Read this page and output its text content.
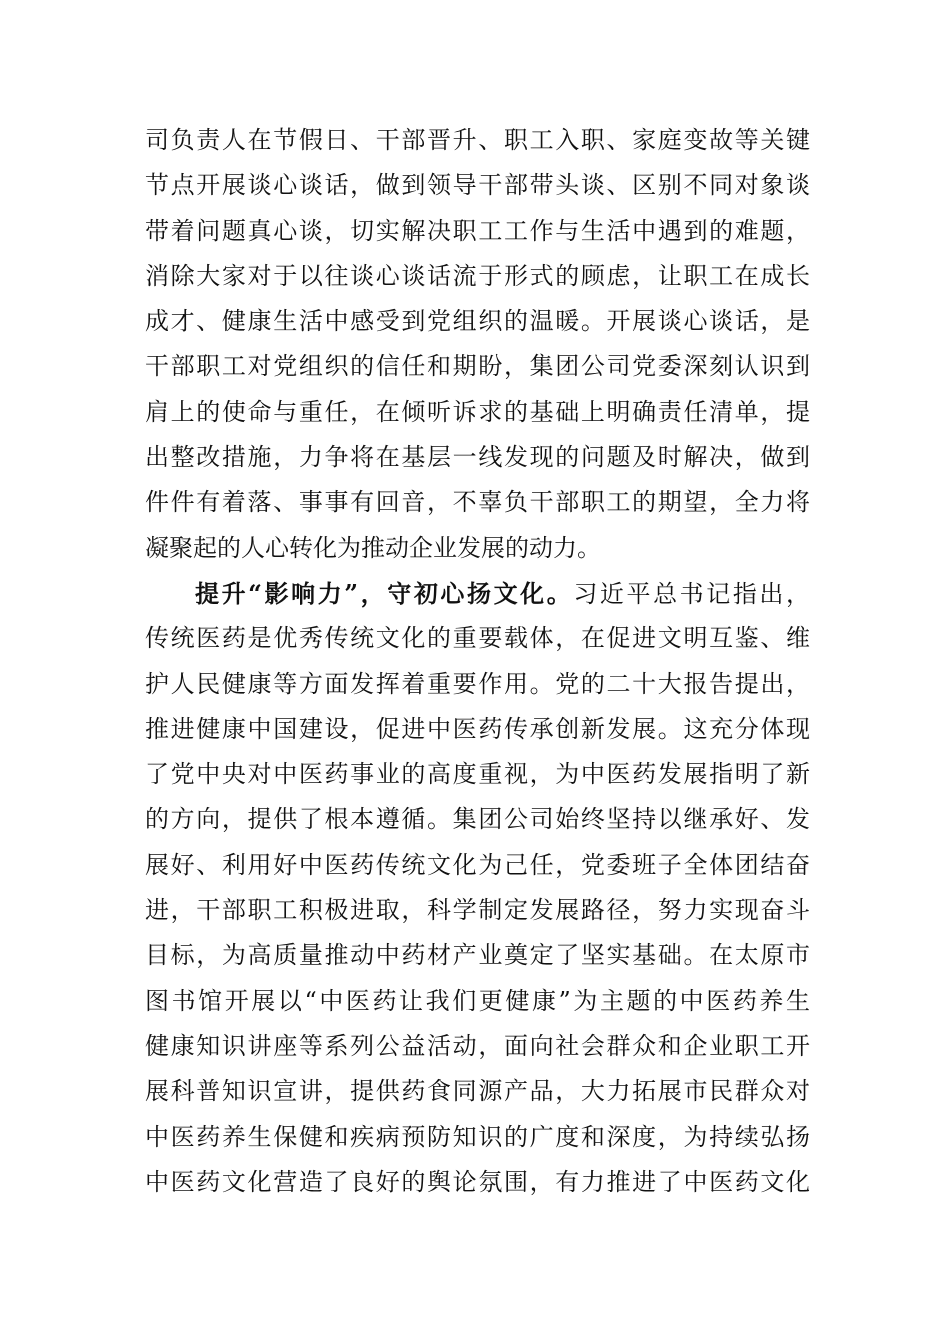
司负责人在节假日、干部晋升、职工入职、家庭变故等关键
节点开展谈心谈话，做到领导干部带头谈、区别不同对象谈
带着问题真心谈，切实解决职工工作与生活中遇到的难题，
消除大家对于以往谈心谈话流于形式的顾虑，让职工在成长
成才、健康生活中感受到党组织的温暖。开展谈心谈话，是
干部职工对党组织的信任和期盼，集团公司党委深刻认识到
肩上的使命与重任，在倾听诉求的基础上明确责任清单，提
出整改措施，力争将在基层一线发现的问题及时解决，做到
件件有着落、事事有回音，不辜负干部职工的期望，全力将
凝聚起的人心转化为推动企业发展的动力。
提升“影响力”，守初心扬文化。习近平总书记指出，
传统医药是优秀传统文化的重要载体，在促进文明互鉴、维
护人民健康等方面发挥着重要作用。党的二十大报告提出，
推进健康中国建设，促进中医药传承创新发展。这充分体现
了党中央对中医药事业的高度重视，为中医药发展指明了新
的方向，提供了根本遵循。集团公司始终坚持以继承好、发
展好、利用好中医药传统文化为己任，党委班子全体团结奋
进，干部职工积极进取，科学制定发展路径，努力实现奋斗
目标，为高质量推动中药材产业奠定了坚实基础。在太原市
图书馆开展以“中医药让我们更健康”为主题的中医药养生
健康知识讲座等系列公益活动，面向社会群众和企业职工开
展科普知识宣讲，提供药食同源产品，大力拓展市民群众对
中医药养生保健和疾病预防知识的广度和深度，为持续弘扬
中医药文化营造了良好的舆论氛围，有力推进了中医药文化
